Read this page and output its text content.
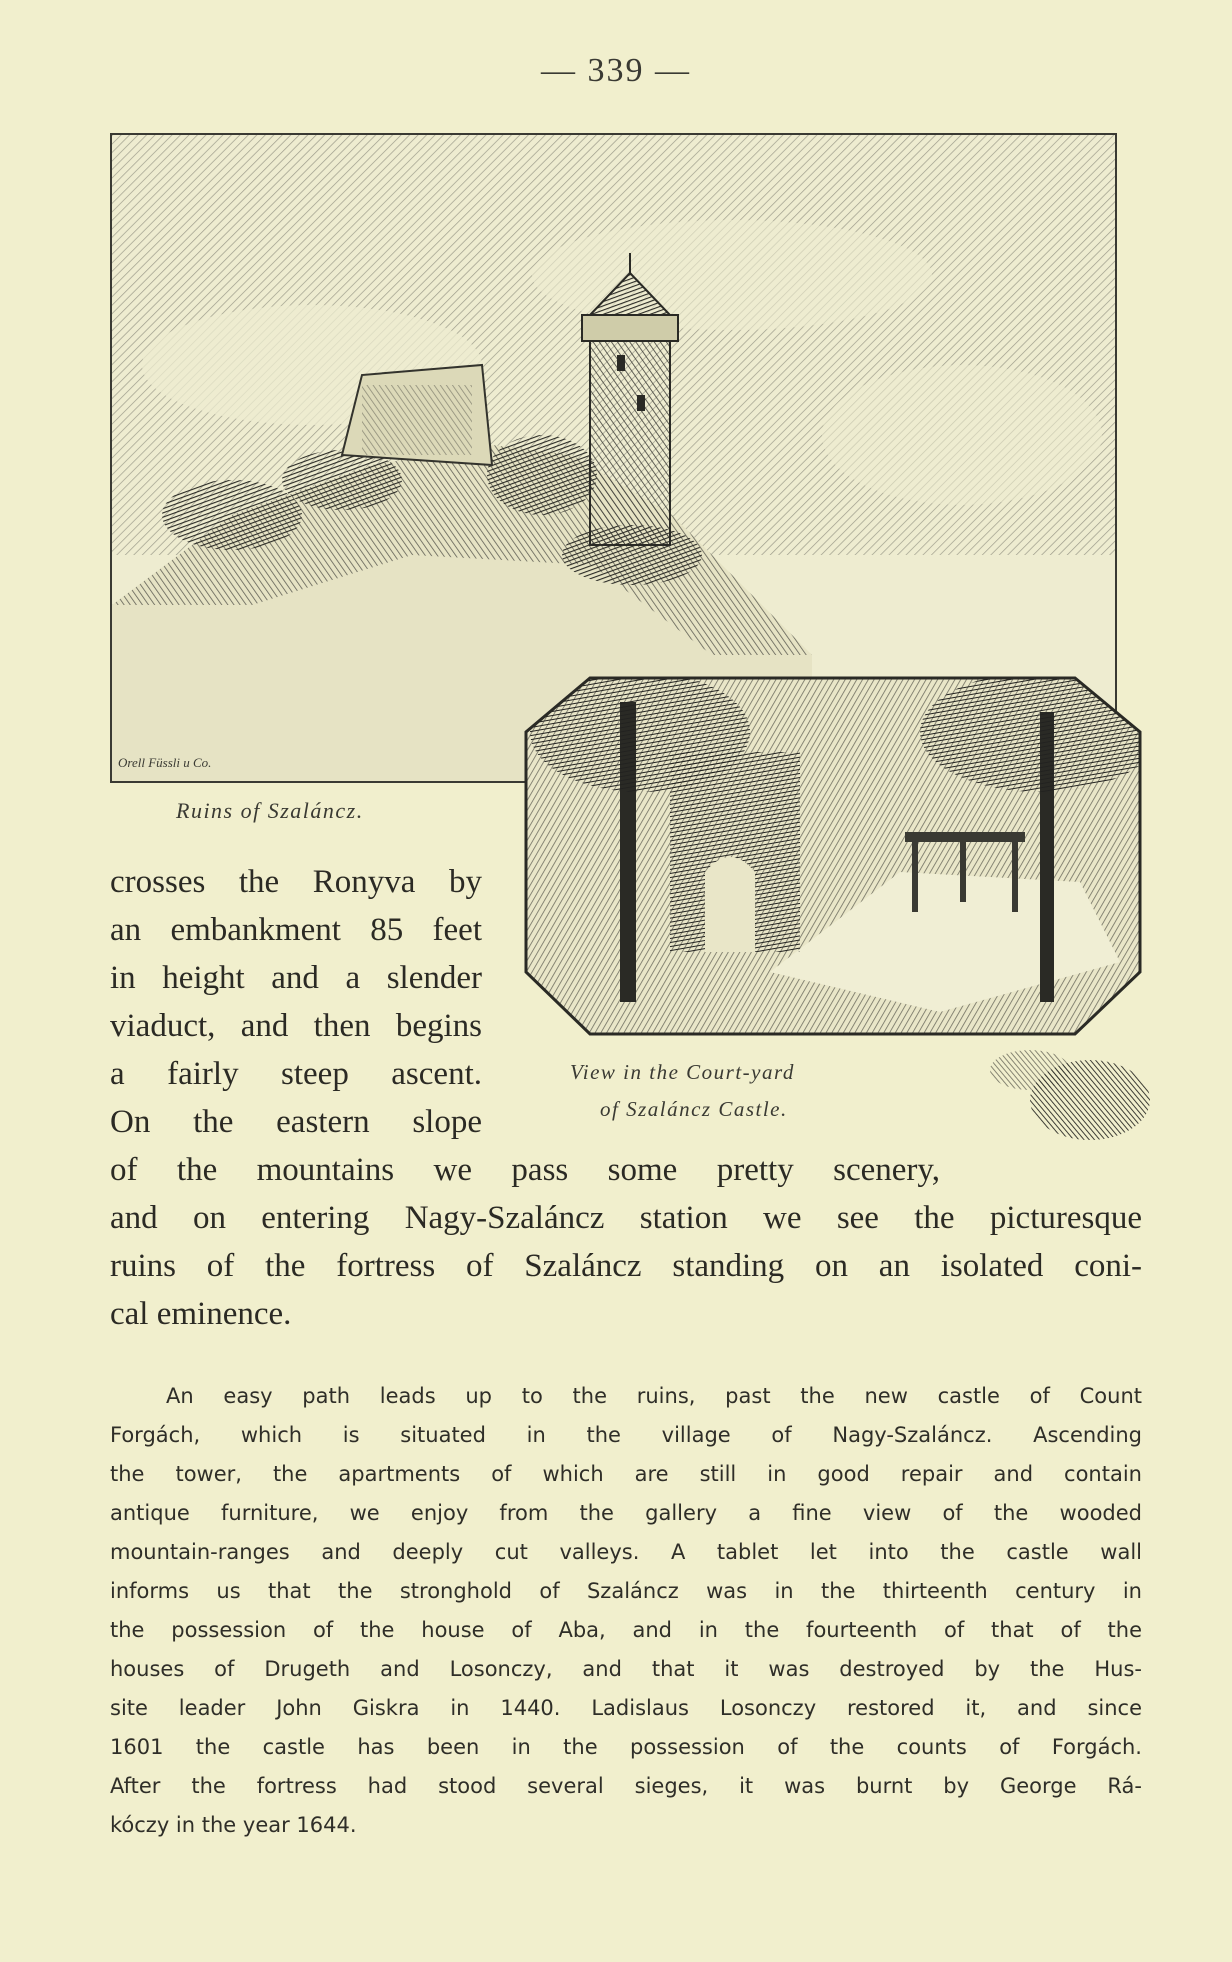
— 339 —
Orell Füssli u Co.
Ruins of Szaláncz.
View in the Court-yard
of Szaláncz Castle.
crosses the Ronyva by
an embankment 85 feet
in height and a slender
viaduct, and then begins
a fairly steep ascent.
On the eastern slope
of the mountains we pass some pretty scenery,
and on entering Nagy-Szaláncz station we see the picturesque
ruins of the fortress of Szaláncz standing on an isolated coni-
cal eminence.
An easy path leads up to the ruins, past the new castle of Count
Forgách, which is situated in the village of Nagy-Szaláncz. Ascending
the tower, the apartments of which are still in good repair and contain
antique furniture, we enjoy from the gallery a fine view of the wooded
mountain-ranges and deeply cut valleys. A tablet let into the castle wall
informs us that the stronghold of Szaláncz was in the thirteenth century in
the possession of the house of Aba, and in the fourteenth of that of the
houses of Drugeth and Losonczy, and that it was destroyed by the Hus-
site leader John Giskra in 1440. Ladislaus Losonczy restored it, and since
1601 the castle has been in the possession of the counts of Forgách.
After the fortress had stood several sieges, it was burnt by George Rá-
kóczy in the year 1644.
